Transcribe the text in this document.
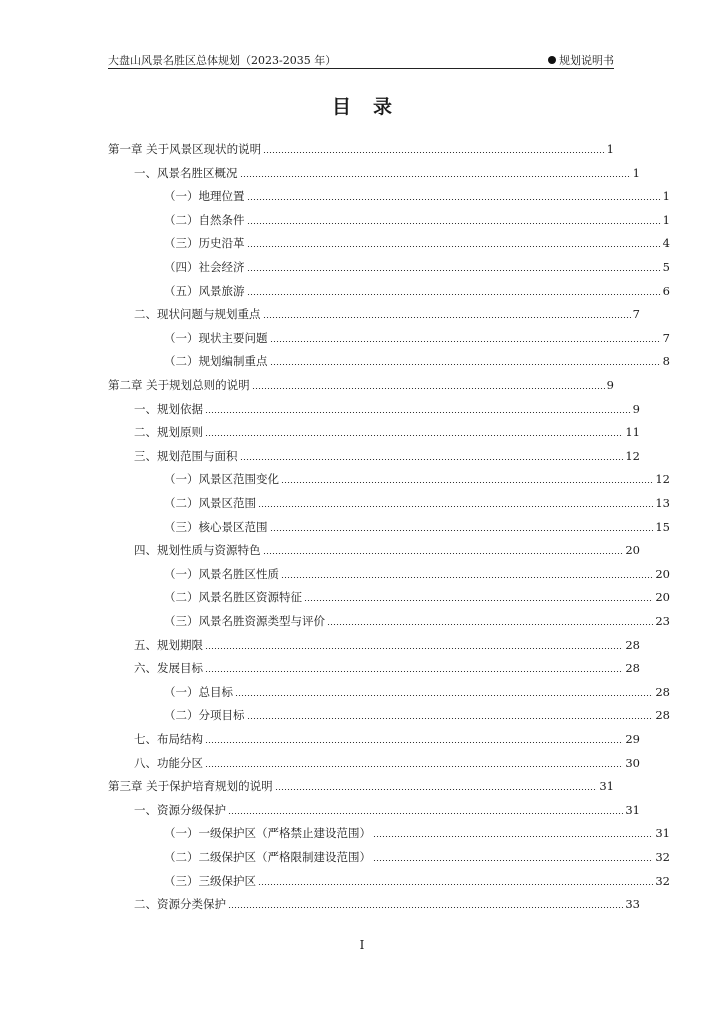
大盘山风景名胜区总体规划（2023-2035 年）	规划说明书
目录
第一章 关于风景区现状的说明	1
一、风景名胜区概况	1
（一）地理位置	1
（二）自然条件	1
（三）历史沿革	4
（四）社会经济	5
（五）风景旅游	6
二、现状问题与规划重点	7
（一）现状主要问题	7
（二）规划编制重点	8
第二章 关于规划总则的说明	9
一、规划依据	9
二、规划原则	11
三、规划范围与面积	12
（一）风景区范围变化	12
（二）风景区范围	13
（三）核心景区范围	15
四、规划性质与资源特色	20
（一）风景名胜区性质	20
（二）风景名胜区资源特征	20
（三）风景名胜资源类型与评价	23
五、规划期限	28
六、发展目标	28
（一）总目标	28
（二）分项目标	28
七、布局结构	29
八、功能分区	30
第三章 关于保护培育规划的说明	31
一、资源分级保护	31
（一）一级保护区（严格禁止建设范围）	31
（二）二级保护区（严格限制建设范围）	32
（三）三级保护区	32
二、资源分类保护	33
I
